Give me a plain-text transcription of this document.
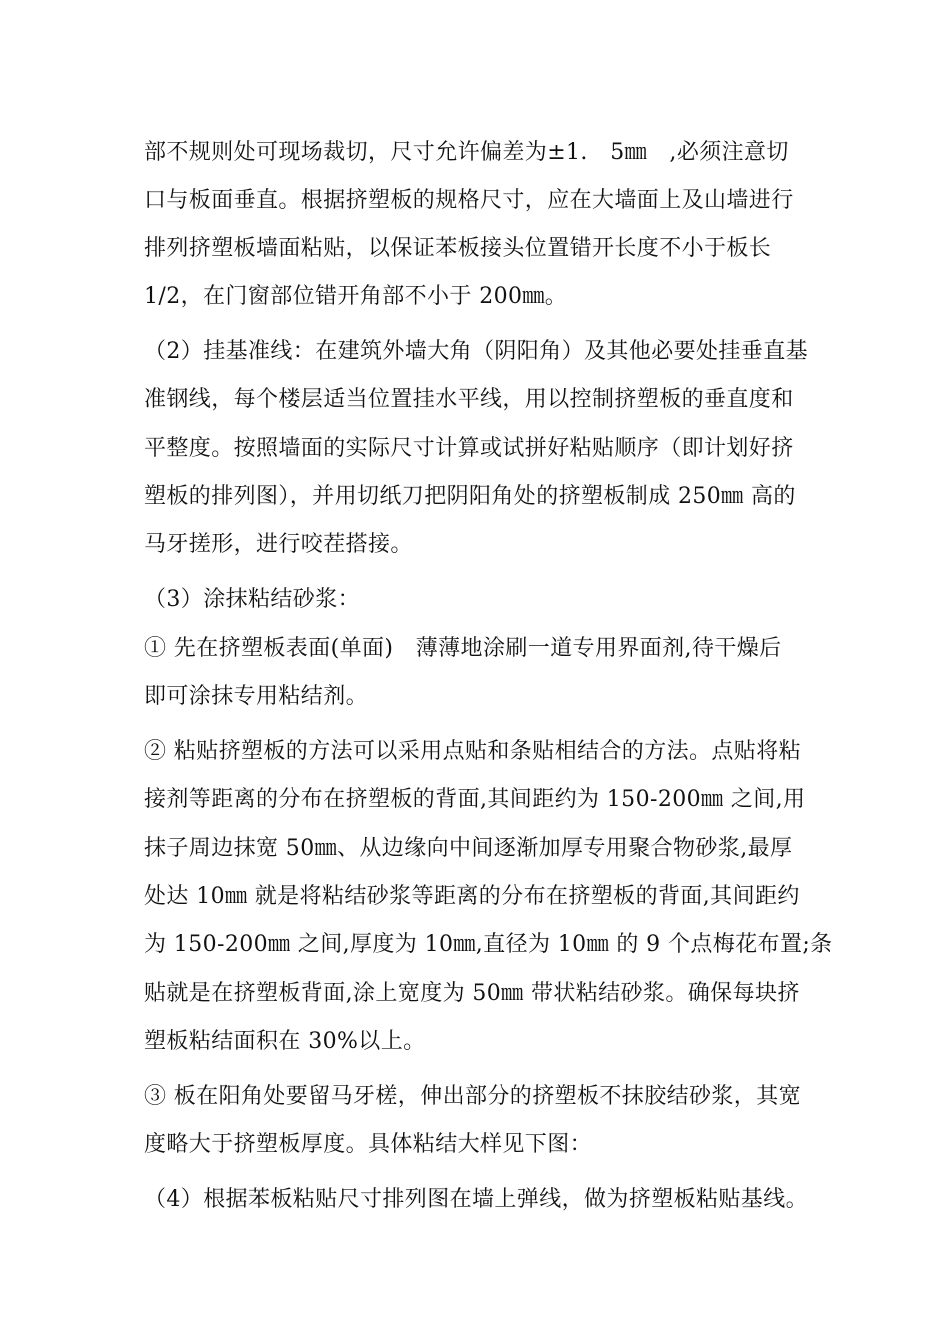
部不规则处可现场裁切，尺寸允许偏差为±1.　5㎜　,必须注意切
口与板面垂直。根据挤塑板的规格尺寸，应在大墙面上及山墙进行
排列挤塑板墙面粘贴，以保证苯板接头位置错开长度不小于板长
1/2，在门窗部位错开角部不小于 200㎜。
（2）挂基准线：在建筑外墙大角（阴阳角）及其他必要处挂垂直基
准钢线，每个楼层适当位置挂水平线，用以控制挤塑板的垂直度和
平整度。按照墙面的实际尺寸计算或试拼好粘贴顺序（即计划好挤
塑板的排列图），并用切纸刀把阴阳角处的挤塑板制成 250㎜ 高的
马牙搓形，进行咬茬搭接。
（3）涂抹粘结砂浆：
① 先在挤塑板表面(单面)　薄薄地涂刷一道专用界面剂,待干燥后
即可涂抹专用粘结剂。
② 粘贴挤塑板的方法可以采用点贴和条贴相结合的方法。点贴将粘
接剂等距离的分布在挤塑板的背面,其间距约为 150-200㎜ 之间,用
抹子周边抹宽 50㎜、从边缘向中间逐渐加厚专用聚合物砂浆,最厚
处达 10㎜ 就是将粘结砂浆等距离的分布在挤塑板的背面,其间距约
为 150-200㎜ 之间,厚度为 10㎜,直径为 10㎜ 的 9 个点梅花布置;条
贴就是在挤塑板背面,涂上宽度为 50㎜ 带状粘结砂浆。确保每块挤
塑板粘结面积在 30%以上。
③ 板在阳角处要留马牙槎，伸出部分的挤塑板不抹胶结砂浆，其宽
度略大于挤塑板厚度。具体粘结大样见下图：
（4）根据苯板粘贴尺寸排列图在墙上弹线，做为挤塑板粘贴基线。
